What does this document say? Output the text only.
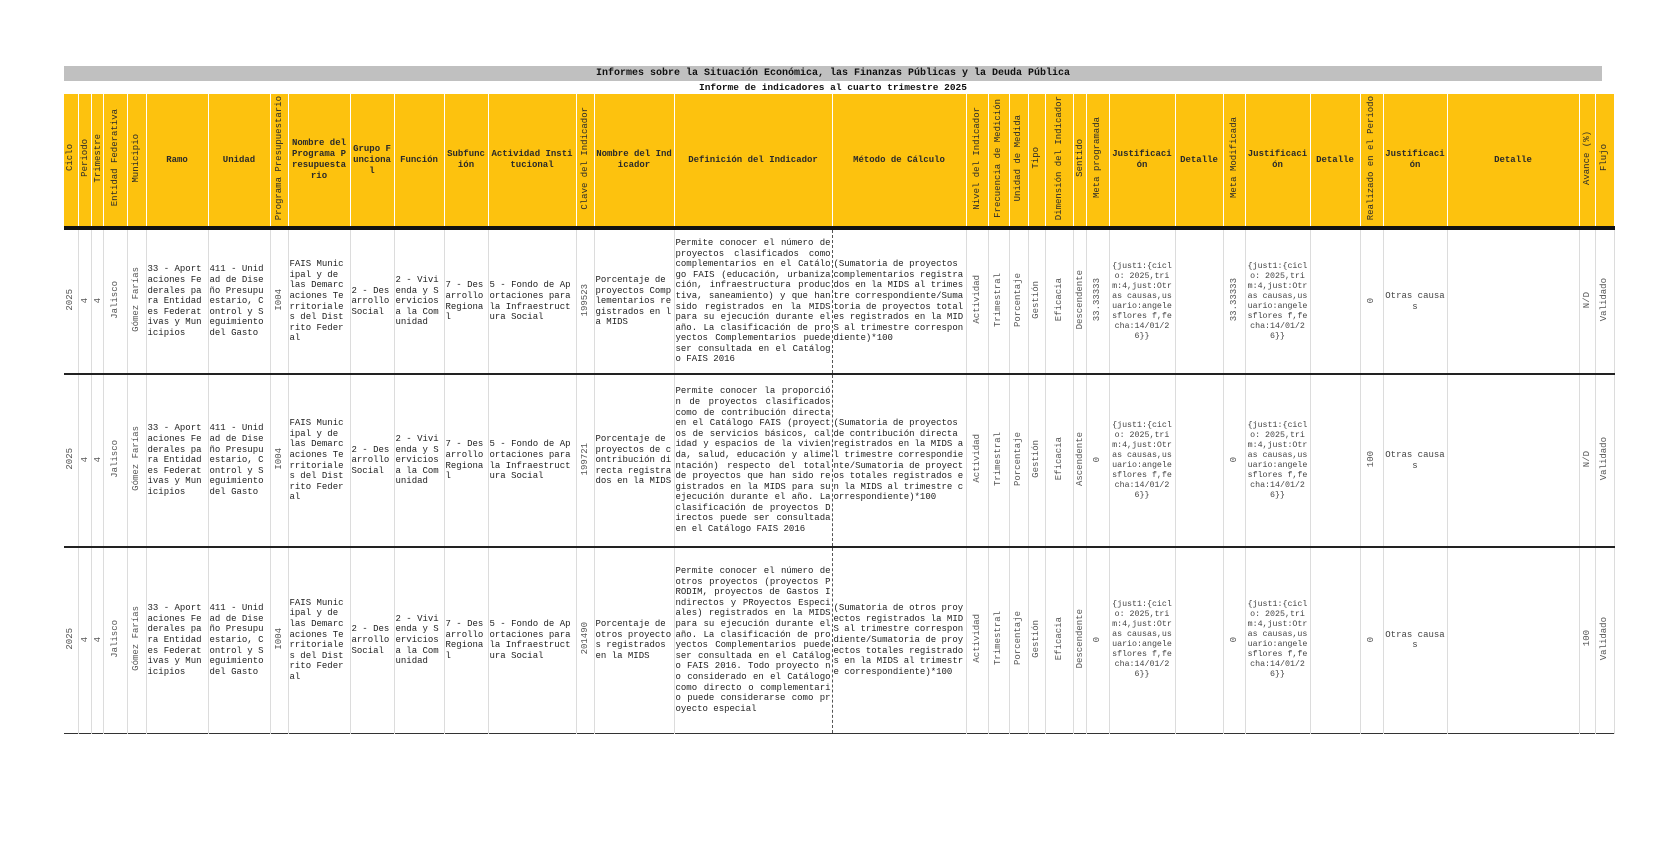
Informes sobre la Situación Económica, las Finanzas Públicas y la Deuda Pública
Informe de indicadores al cuarto trimestre 2025
Ciclo	Periodo	Trimestre	Entidad Federativa	Municipio	Ramo	Unidad	Programa Presupuestario	Nombre del Programa Presupuestario	Grupo Funcional	Función	Subfunción	Actividad Institucional	Clave del Indicador	Nombre del Indicador	Definición del Indicador	Método de Cálculo	Nivel del Indicador	Frecuencia de Medición	Unidad de Medida	Tipo	Dimensión del Indicador	Sentido	Meta programada	Justificación	Detalle	Meta Modificada	Justificación	Detalle	Realizado en el Periodo	Justificación	Detalle	Avance (%)	Flujo
2025	4	4	Jalisco	Gómez Farías	33 - Aportaciones Federales para Entidades Federativas y Municipios	411 - Unidad de Diseño Presupuestario, Control y Seguimiento del Gasto	I004	FAIS Municipal y de las Demarcaciones Territoriales del Distrito Federal	2 - Desarrollo Social	2 - Vivienda y Servicios a la Comunidad	7 - Desarrollo Regional	5 - Fondo de Aportaciones para la Infraestructura Social	199523	Porcentaje de proyectos Complementarios registrados en la MIDS	Permite conocer el número de proyectos clasificados como complementarios en el Catálogo FAIS (educación, urbanización, infraestructura productiva, saneamiento) y que han sido registrados en la MIDS para su ejecución durante el año. La clasificación de proyectos Complementarios puede ser consultada en el Catálogo FAIS 2016	(Sumatoria de proyectos complementarios registrados en la MIDS al trimestre correspondiente/Sumatoria de proyectos totales registrados en la MIDS al trimestre correspondiente)*100	Actividad	Trimestral	Porcentaje	Gestión	Eficacia	Descendente	33.33333	{just1:{ciclo: 2025,trim:4,just:Otras causas,usuario:angelesflores f,fecha:14/01/26}}		33.33333	{just1:{ciclo: 2025,trim:4,just:Otras causas,usuario:angelesflores f,fecha:14/01/26}}		0	Otras causas		N/D	Validado
2025	4	4	Jalisco	Gómez Farías	33 - Aportaciones Federales para Entidades Federativas y Municipios	411 - Unidad de Diseño Presupuestario, Control y Seguimiento del Gasto	I004	FAIS Municipal y de las Demarcaciones Territoriales del Distrito Federal	2 - Desarrollo Social	2 - Vivienda y Servicios a la Comunidad	7 - Desarrollo Regional	5 - Fondo de Aportaciones para la Infraestructura Social	199721	Porcentaje de proyectos de contribución directa registrados en la MIDS	Permite conocer la proporción de proyectos clasificados como de contribución directa en el Catálogo FAIS (proyectos de servicios básicos, calidad y espacios de la vivienda, salud, educación y alimentación) respecto del total de proyectos que han sido registrados en la MIDS para su ejecución durante el año. La clasificación de proyectos Directos puede ser consultada en el Catálogo FAIS 2016	(Sumatoria de proyectos de contribución directa registrados en la MIDS al trimestre correspondiente/Sumatoria de proyectos totales registrados en la MIDS al trimestre correspondiente)*100	Actividad	Trimestral	Porcentaje	Gestión	Eficacia	Ascendente	0	{just1:{ciclo: 2025,trim:4,just:Otras causas,usuario:angelesflores f,fecha:14/01/26}}		0	{just1:{ciclo: 2025,trim:4,just:Otras causas,usuario:angelesflores f,fecha:14/01/26}}		100	Otras causas		N/D	Validado
2025	4	4	Jalisco	Gómez Farías	33 - Aportaciones Federales para Entidades Federativas y Municipios	411 - Unidad de Diseño Presupuestario, Control y Seguimiento del Gasto	I004	FAIS Municipal y de las Demarcaciones Territoriales del Distrito Federal	2 - Desarrollo Social	2 - Vivienda y Servicios a la Comunidad	7 - Desarrollo Regional	5 - Fondo de Aportaciones para la Infraestructura Social	201490	Porcentaje de otros proyectos registrados en la MIDS	Permite conocer el número de otros proyectos (proyectos PRODIM, proyectos de Gastos Indirectos y PRoyectos Especiales) registrados en la MIDS para su ejecución durante el año. La clasificación de proyectos Complementarios puede ser consultada en el Catálogo FAIS 2016. Todo proyecto no considerado en el Catálogo como directo o complementario puede considerarse como proyecto especial	(Sumatoria de otros proyectos registrados la MIDS al trimestre correspondiente/Sumatoria de proyectos totales registrados en la MIDS al trimestre correspondiente)*100	Actividad	Trimestral	Porcentaje	Gestión	Eficacia	Descendente	0	{just1:{ciclo: 2025,trim:4,just:Otras causas,usuario:angelesflores f,fecha:14/01/26}}		0	{just1:{ciclo: 2025,trim:4,just:Otras causas,usuario:angelesflores f,fecha:14/01/26}}		0	Otras causas		100	Validado
